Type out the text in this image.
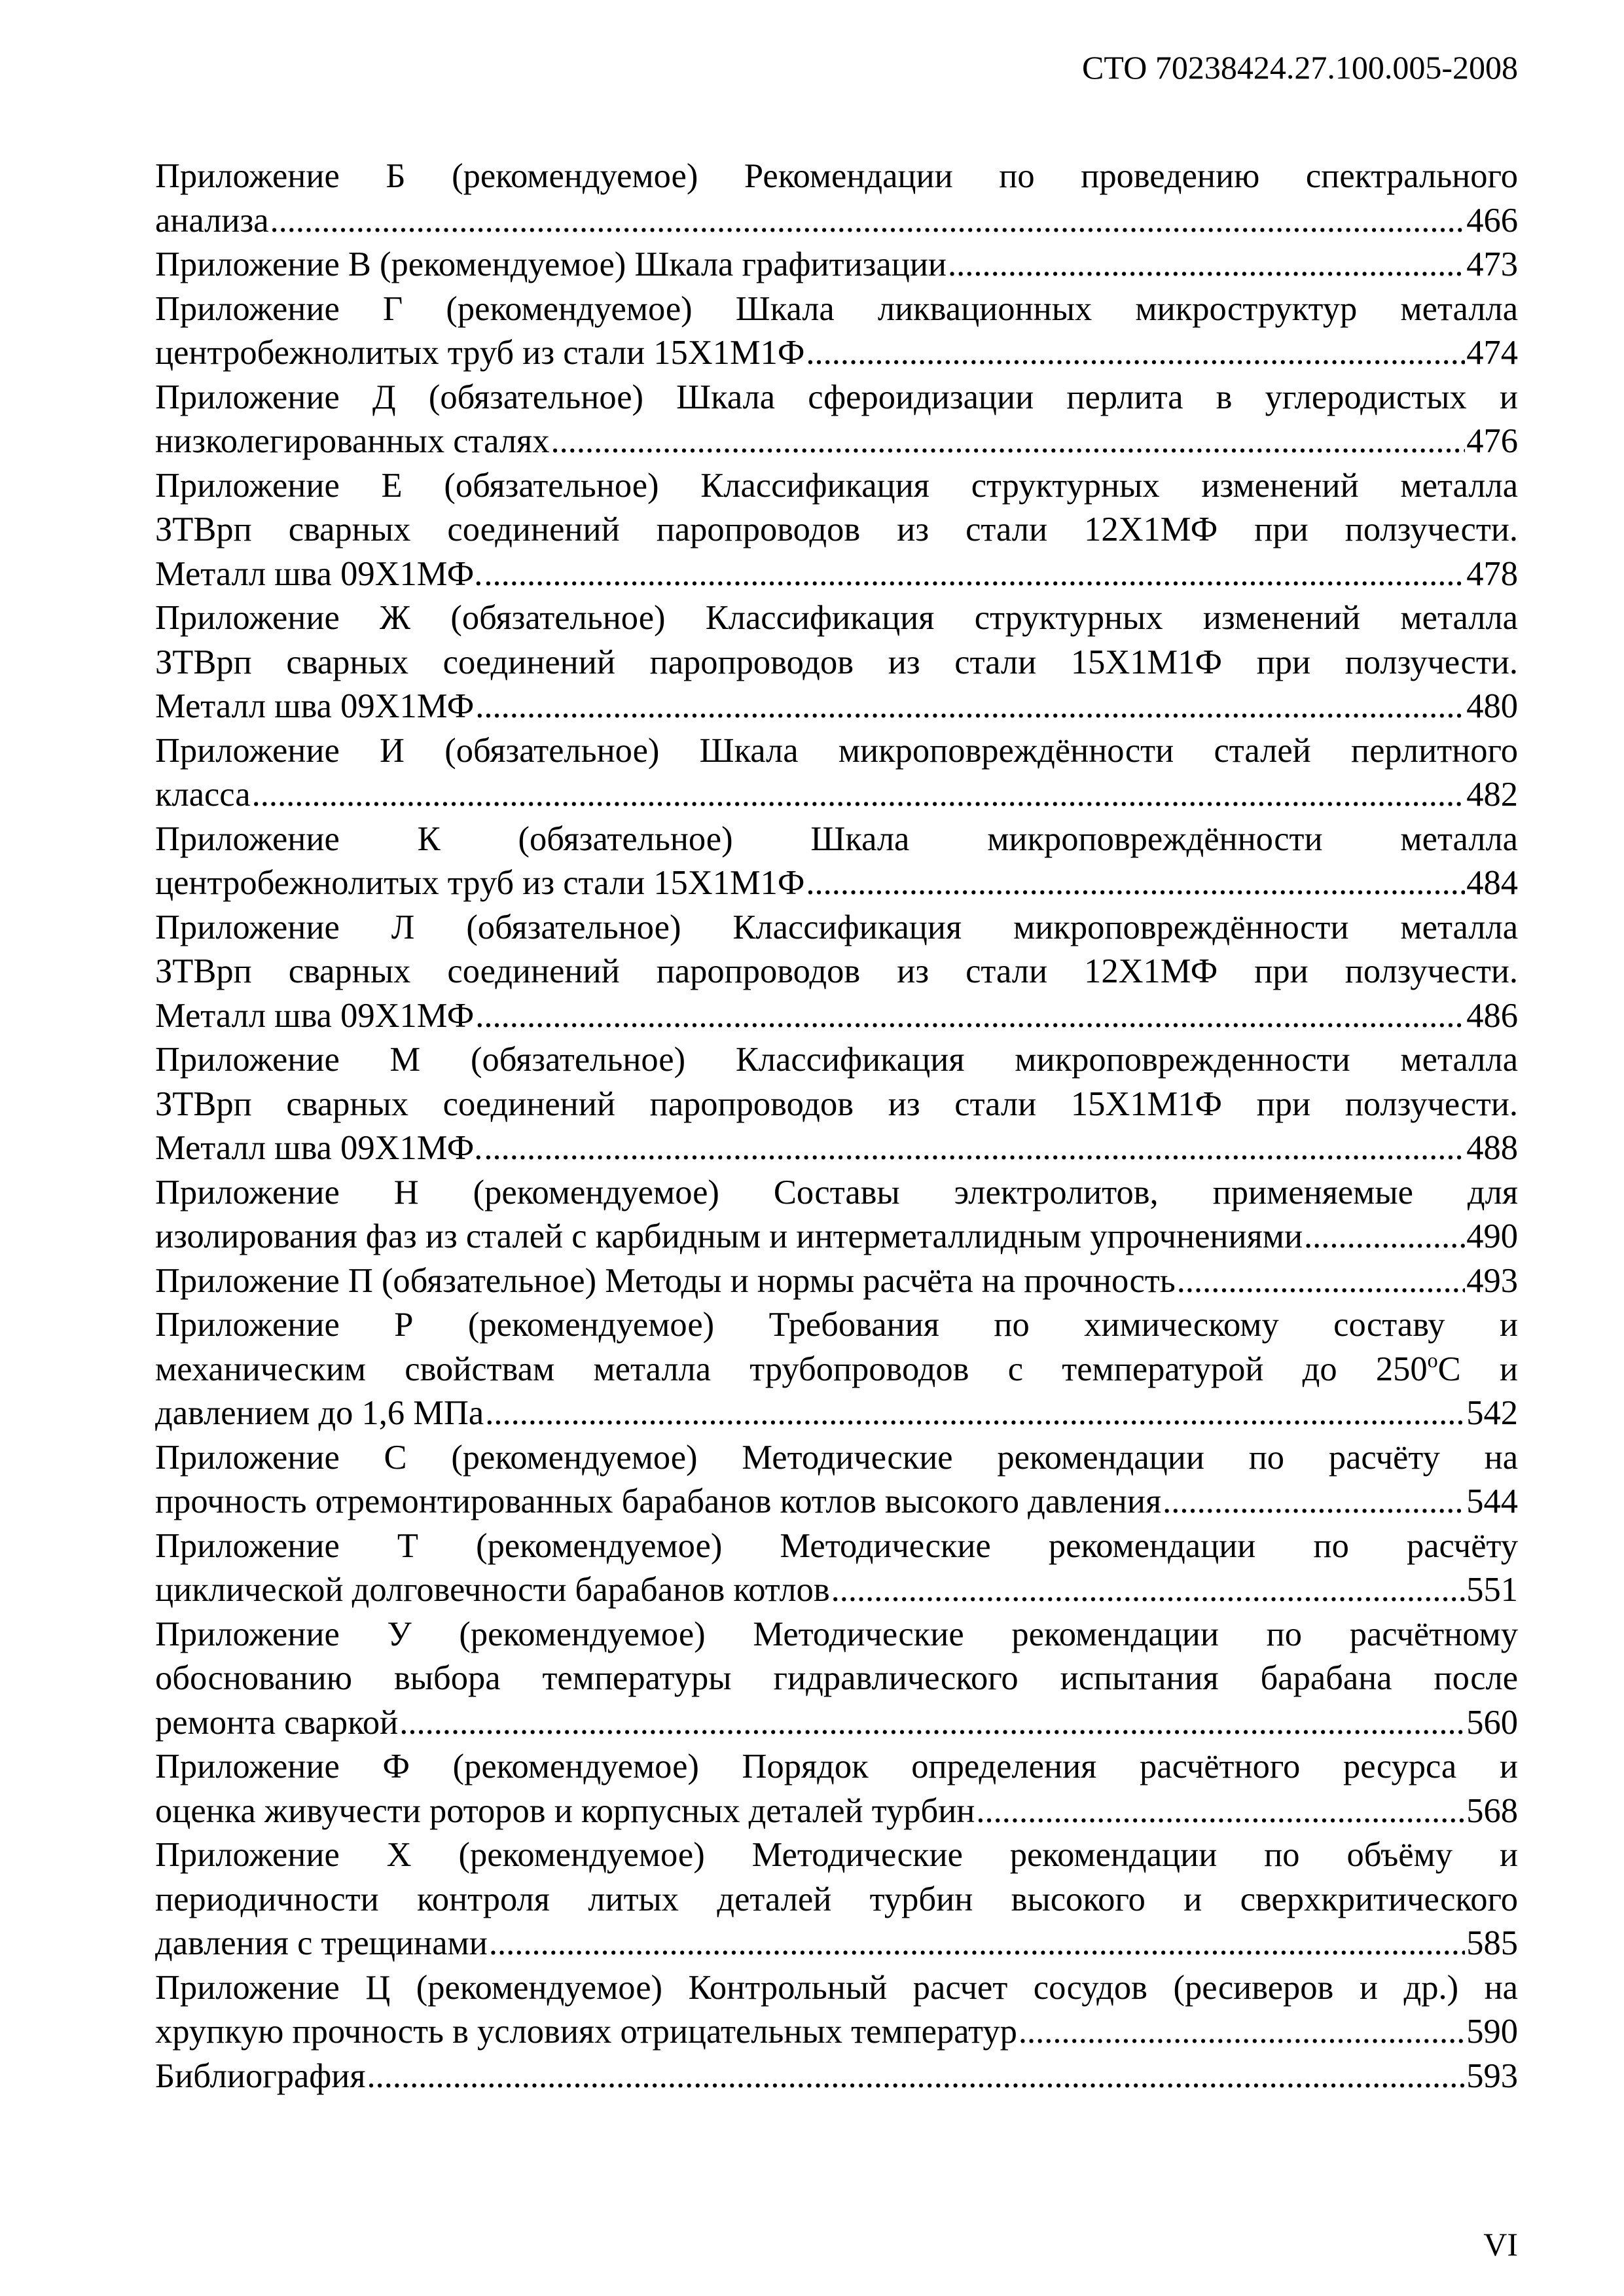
СТО 70238424.27.100.005-2008
Приложение Б (рекомендуемое) Рекомендации по проведению спектрального
анализа .....	466
Приложение В (рекомендуемое) Шкала графитизации .....	473
Приложение Г (рекомендуемое) Шкала ликвационных микроструктур металла
центробежнолитых труб из стали 15Х1М1Ф .....	474
Приложение Д (обязательное) Шкала сфероидизации перлита в углеродистых и
низколегированных сталях .....	476
Приложение Е (обязательное) Классификация структурных изменений металла
ЗТВрп сварных соединений паропроводов из стали 12Х1МФ при ползучести.
Металл шва 09Х1МФ. .....	478
Приложение Ж (обязательное) Классификация структурных изменений металла
ЗТВрп сварных соединений паропроводов из стали 15Х1М1Ф при ползучести.
Металл шва 09Х1МФ .....	480
Приложение И (обязательное) Шкала микроповреждённости сталей перлитного
класса .....	482
Приложение К (обязательное) Шкала микроповреждённости металла
центробежнолитых труб из стали 15Х1М1Ф .....	484
Приложение Л (обязательное) Классификация микроповреждённости металла
ЗТВрп сварных соединений паропроводов из стали 12Х1МФ при ползучести.
Металл шва 09Х1МФ .....	486
Приложение М (обязательное) Классификация микроповрежденности металла
ЗТВрп сварных соединений паропроводов из стали 15Х1М1Ф при ползучести.
Металл шва 09Х1МФ. .....	488
Приложение Н (рекомендуемое) Составы электролитов, применяемые для
изолирования фаз из сталей с карбидным и интерметаллидным упрочнениями .....	490
Приложение П (обязательное) Методы и нормы расчёта на прочность .....	493
Приложение Р (рекомендуемое) Требования по химическому составу и
механическим свойствам металла трубопроводов с температурой до $250^оС$ и
давлением до 1,6 МПа .....	542
Приложение С (рекомендуемое) Методические рекомендации по расчёту на
прочность отремонтированных барабанов котлов высокого давления .....	544
Приложение Т (рекомендуемое) Методические рекомендации по расчёту
циклической долговечности барабанов котлов .....	551
Приложение У (рекомендуемое) Методические рекомендации по расчётному
обоснованию выбора температуры гидравлического испытания барабана после
ремонта сваркой .....	560
Приложение Ф (рекомендуемое) Порядок определения расчётного ресурса и
оценка живучести роторов и корпусных деталей турбин .....	568
Приложение Х (рекомендуемое) Методические рекомендации по объёму и
периодичности контроля литых деталей турбин высокого и сверхкритического
давления с трещинами .....	585
Приложение Ц (рекомендуемое) Контрольный расчет сосудов (ресиверов и др.) на
хрупкую прочность в условиях отрицательных температур .....	590
Библиография .....	593
VI
